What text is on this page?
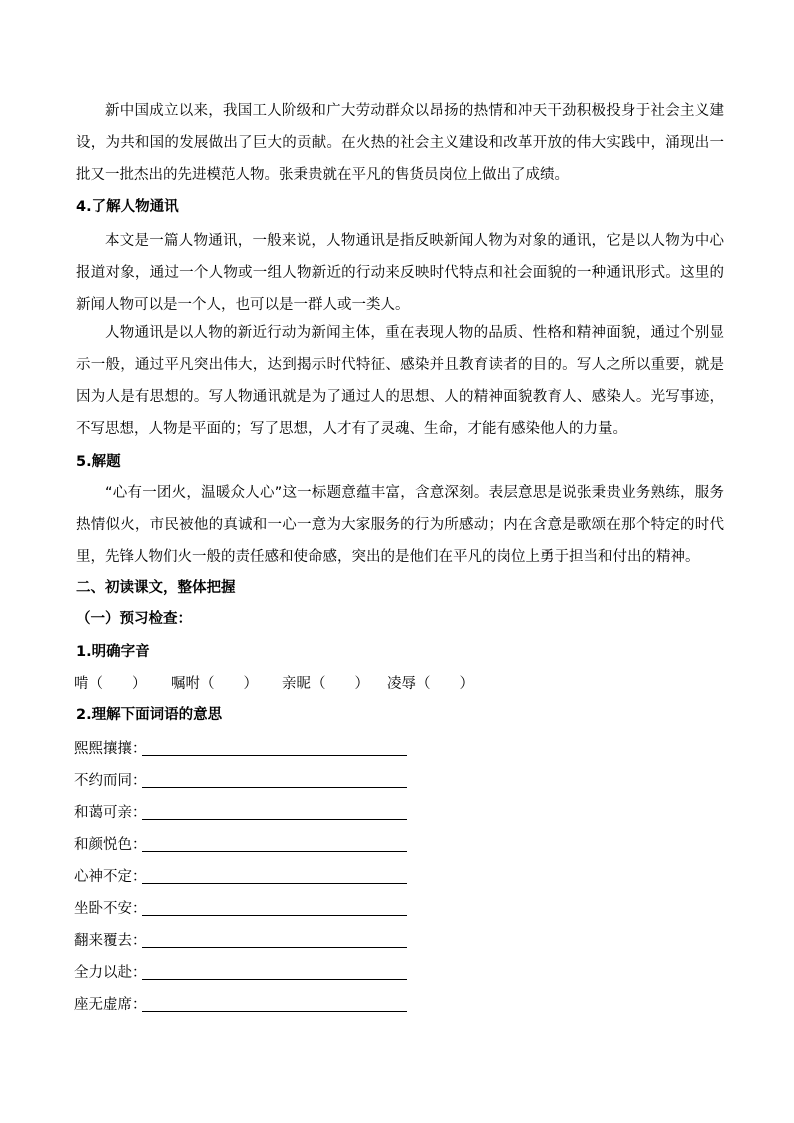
新中国成立以来，我国工人阶级和广大劳动群众以昂扬的热情和冲天干劲积极投身于社会主义建设，为共和国的发展做出了巨大的贡献。在火热的社会主义建设和改革开放的伟大实践中，涌现出一批又一批杰出的先进模范人物。张秉贵就在平凡的售货员岗位上做出了成绩。

4.了解人物通讯

本文是一篇人物通讯，一般来说，人物通讯是指反映新闻人物为对象的通讯，它是以人物为中心报道对象，通过一个人物或一组人物新近的行动来反映时代特点和社会面貌的一种通讯形式。这里的新闻人物可以是一个人，也可以是一群人或一类人。

人物通讯是以人物的新近行动为新闻主体，重在表现人物的品质、性格和精神面貌，通过个别显示一般，通过平凡突出伟大，达到揭示时代特征、感染并且教育读者的目的。写人之所以重要，就是因为人是有思想的。写人物通讯就是为了通过人的思想、人的精神面貌教育人、感染人。光写事迹，不写思想，人物是平面的；写了思想，人才有了灵魂、生命，才能有感染他人的力量。

5.解题

“心有一团火，温暖众人心”这一标题意蕴丰富，含意深刻。表层意思是说张秉贵业务熟练，服务热情似火，市民被他的真诚和一心一意为大家服务的行为所感动；内在含意是歌颂在那个特定的时代里，先锋人物们火一般的责任感和使命感，突出的是他们在平凡的岗位上勇于担当和付出的精神。

二、初读课文，整体把握
（一）预习检查：
1.明确字音
啃（　　） 嘱咐（　　） 亲昵（　　） 凌辱（　　）
2.理解下面词语的意思
熙熙攘攘：
不约而同：
和蔼可亲：
和颜悦色：
心神不定：
坐卧不安：
翻来覆去：
全力以赴：
座无虚席：
